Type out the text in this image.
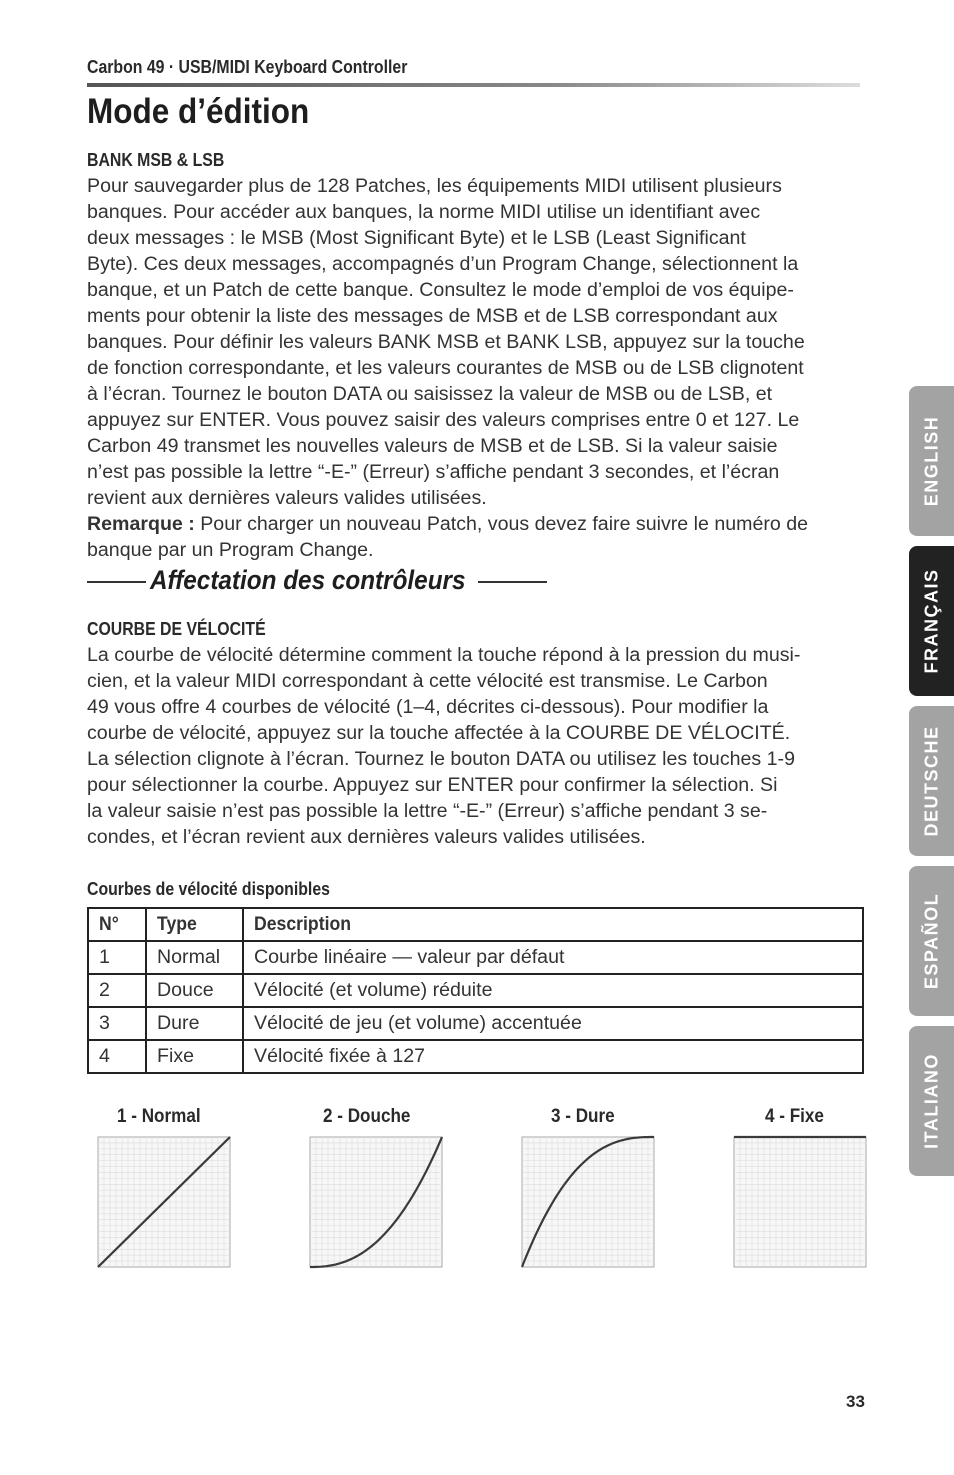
Carbon 49 · USB/MIDI Keyboard Controller
Mode d’édition
BANK MSB & LSB
Pour sauvegarder plus de 128 Patches, les équipements MIDI utilisent plusieurs
banques. Pour accéder aux banques, la norme MIDI utilise un identifiant avec
deux messages : le MSB (Most Significant Byte) et le LSB (Least Significant
Byte). Ces deux messages, accompagnés d’un Program Change, sélectionnent la
banque, et un Patch de cette banque. Consultez le mode d’emploi de vos équipe-
ments pour obtenir la liste des messages de MSB et de LSB correspondant aux
banques. Pour définir les valeurs BANK MSB et BANK LSB, appuyez sur la touche
de fonction correspondante, et les valeurs courantes de MSB ou de LSB clignotent
à l’écran. Tournez le bouton DATA ou saisissez la valeur de MSB ou de LSB, et
appuyez sur ENTER. Vous pouvez saisir des valeurs comprises entre 0 et 127. Le
Carbon 49 transmet les nouvelles valeurs de MSB et de LSB. Si la valeur saisie
n’est pas possible la lettre “-E-” (Erreur) s’affiche pendant 3 secondes, et l’écran
revient aux dernières valeurs valides utilisées.
Remarque : Pour charger un nouveau Patch, vous devez faire suivre le numéro de
banque par un Program Change.
Affectation des contrôleurs
COURBE DE VÉLOCITÉ
La courbe de vélocité détermine comment la touche répond à la pression du musi-
cien, et la valeur MIDI correspondant à cette vélocité est transmise. Le Carbon
49 vous offre 4 courbes de vélocité (1–4, décrites ci-dessous). Pour modifier la
courbe de vélocité, appuyez sur la touche affectée à la COURBE DE VÉLOCITÉ.
La sélection clignote à l’écran. Tournez le bouton DATA ou utilisez les touches 1-9
pour sélectionner la courbe. Appuyez sur ENTER pour confirmer la sélection. Si
la valeur saisie n’est pas possible la lettre “-E-” (Erreur) s’affiche pendant 3 se-
condes, et l’écran revient aux dernières valeurs valides utilisées.
Courbes de vélocité disponibles
N°	Type	Description
1	Normal	Courbe linéaire — valeur par défaut
2	Douce	Vélocité (et volume) réduite
3	Dure	Vélocité de jeu (et volume) accentuée
4	Fixe	Vélocité fixée à 127
1 - Normal	2 - Douche	3 - Dure	4 - Fixe
ENGLISH
FRANÇAIS
DEUTSCHE
ESPAÑOL
ITALIANO
33
